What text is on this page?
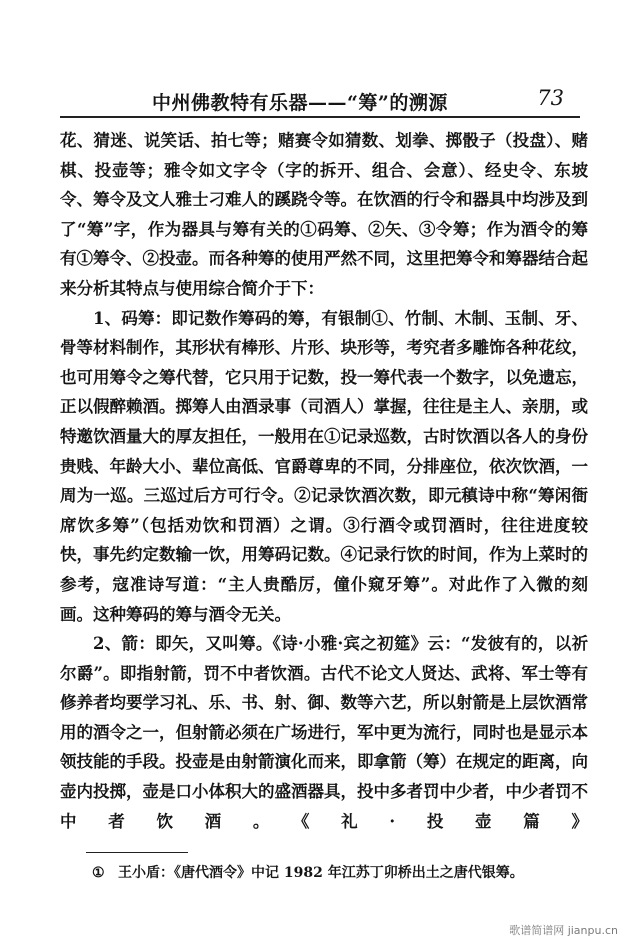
中州佛教特有乐器——“筹”的溯源	73

花、猜迷、说笑话、拍七等；赌赛令如猜数、划拳、掷骰子（投盘）、赌棋、投壶等；雅令如文字令（字的拆开、组合、会意）、经史令、东坡令、筹令及文人雅士刁难人的蹊跷令等。在饮酒的行令和器具中均涉及到了“筹”字，作为器具与筹有关的①码筹、②矢、③令筹；作为酒令的筹有①筹令、②投壶。而各种筹的使用严然不同，这里把筹令和筹器结合起来分析其特点与使用综合简介于下：

1、码筹：即记数作筹码的筹，有银制①、竹制、木制、玉制、牙、骨等材料制作，其形状有棒形、片形、块形等，考究者多雕饰各种花纹，也可用筹令之筹代替，它只用于记数，投一筹代表一个数字，以免遗忘，正以假醉赖酒。掷筹人由酒录事（司酒人）掌握，往往是主人、亲朋，或特邀饮酒量大的厚友担任，一般用在①记录巡数，古时饮酒以各人的身份贵贱、年龄大小、辈位高低、官爵尊卑的不同，分排座位，依次饮酒，一周为一巡。三巡过后方可行令。②记录饮酒次数，即元稹诗中称“筹闲衙席饮多筹”（包括劝饮和罚酒）之谓。③行酒令或罚酒时，往往进度较快，事先约定数输一饮，用筹码记数。④记录行饮的时间，作为上菜时的参考，寇准诗写道：“主人贵酷厉，僮仆窥牙筹”。对此作了入微的刻画。这种筹码的筹与酒令无关。

2、箭：即矢，又叫筹。《诗·小雅·宾之初筵》云：“发彼有的，以祈尔爵”。即指射箭，罚不中者饮酒。古代不论文人贤达、武将、军士等有修养者均要学习礼、乐、书、射、御、数等六艺，所以射箭是上层饮酒常用的酒令之一，但射箭必须在广场进行，军中更为流行，同时也是显示本领技能的手段。投壶是由射箭演化而来，即拿箭（筹）在规定的距离，向壶内投掷，壶是口小体积大的盛酒器具，投中多者罚中少者，中少者罚不中者饮酒。《礼·投壶篇》

① 王小盾：《唐代酒令》中记 1982 年江苏丁卯桥出土之唐代银筹。
歌谱简谱网 jianpu.cn
